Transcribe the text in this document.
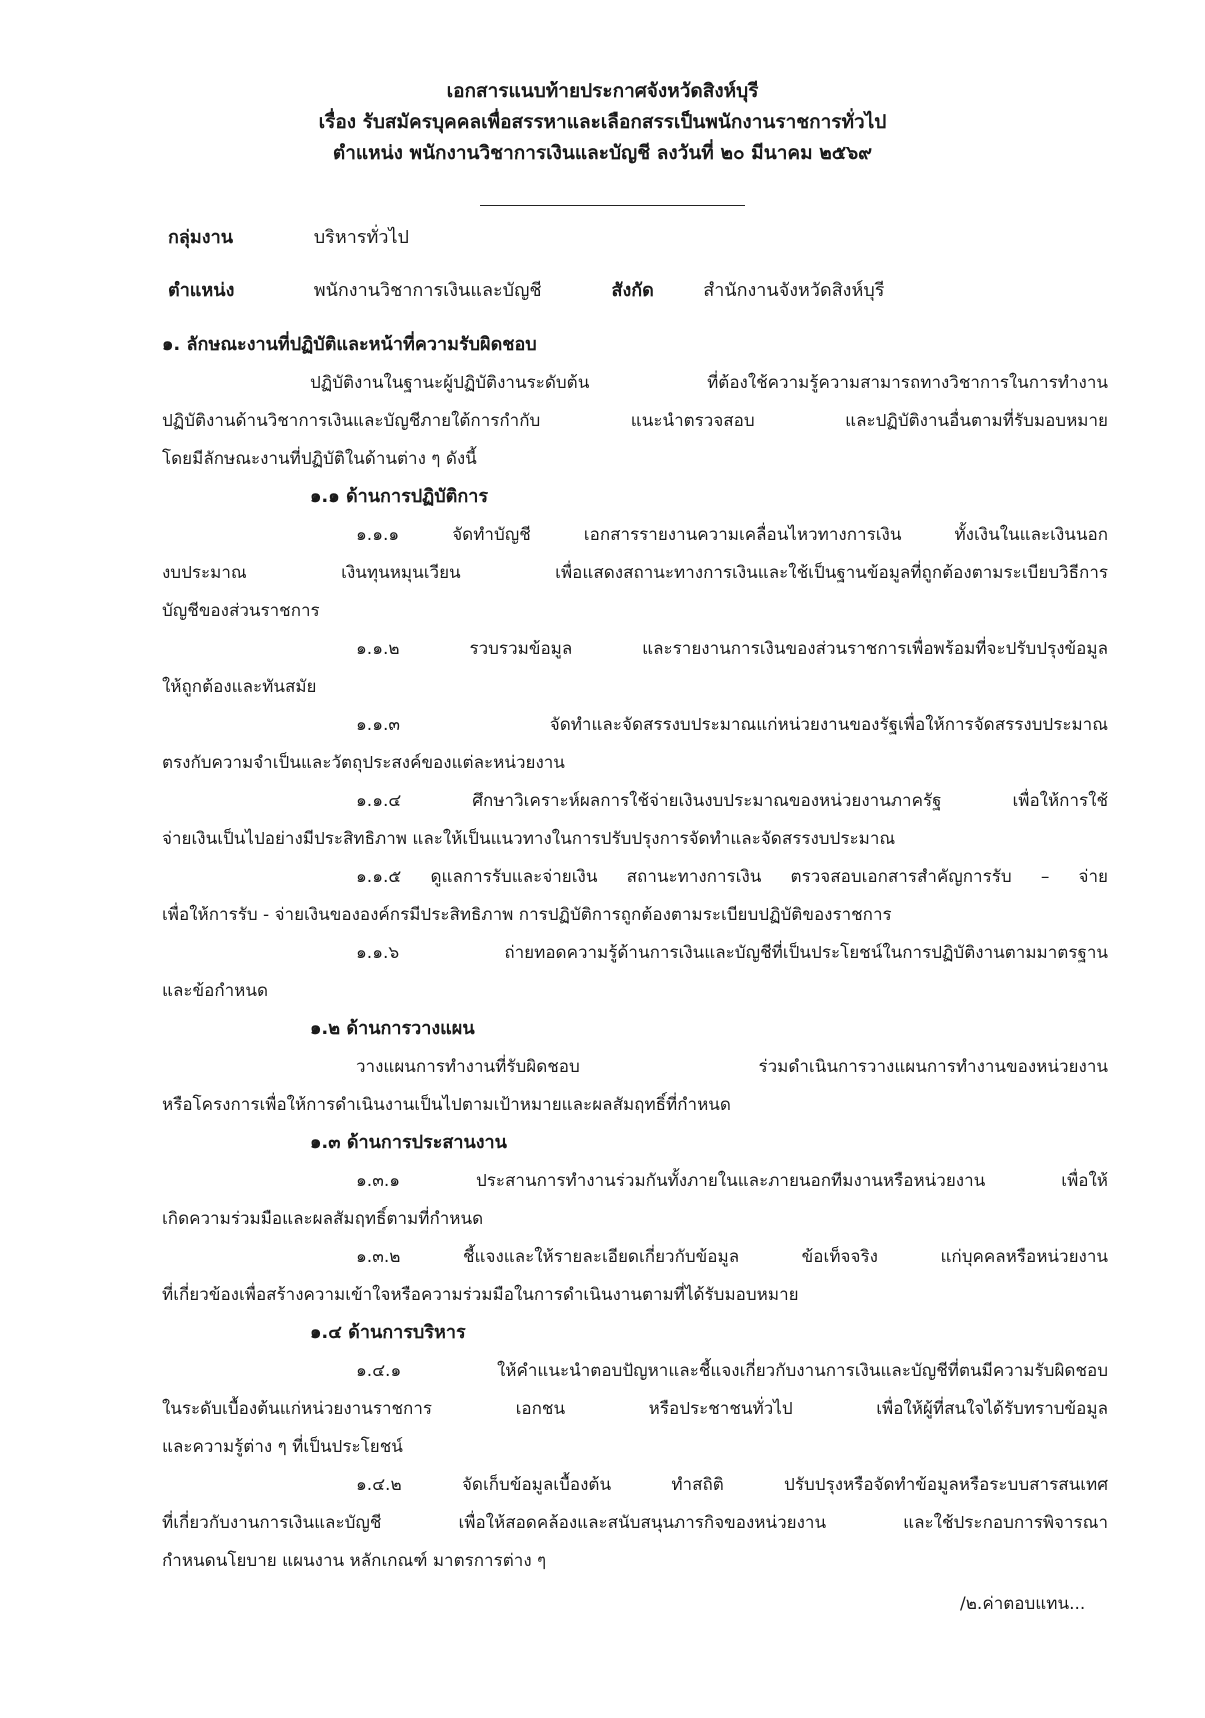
เอกสารแนบท้ายประกาศจังหวัดสิงห์บุรี
เรื่อง รับสมัครบุคคลเพื่อสรรหาและเลือกสรรเป็นพนักงานราชการทั่วไป
ตำแหน่ง พนักงานวิชาการเงินและบัญชี ลงวันที่ ๒๐ มีนาคม ๒๕๖๙
กลุ่มงาน	บริหารทั่วไป
ตำแหน่ง	พนักงานวิชาการเงินและบัญชี	สังกัด	สำนักงานจังหวัดสิงห์บุรี
๑. ลักษณะงานที่ปฏิบัติและหน้าที่ความรับผิดชอบ
ปฏิบัติงานในฐานะผู้ปฏิบัติงานระดับต้น ที่ต้องใช้ความรู้ความสามารถทางวิชาการในการทำงาน
ปฏิบัติงานด้านวิชาการเงินและบัญชีภายใต้การกำกับ แนะนำตรวจสอบ และปฏิบัติงานอื่นตามที่รับมอบหมาย
โดยมีลักษณะงานที่ปฏิบัติในด้านต่าง ๆ ดังนี้
๑.๑ ด้านการปฏิบัติการ
๑.๑.๑ จัดทำบัญชี เอกสารรายงานความเคลื่อนไหวทางการเงิน ทั้งเงินในและเงินนอก
งบประมาณ เงินทุนหมุนเวียน เพื่อแสดงสถานะทางการเงินและใช้เป็นฐานข้อมูลที่ถูกต้องตามระเบียบวิธีการ
บัญชีของส่วนราชการ
๑.๑.๒ รวบรวมข้อมูล และรายงานการเงินของส่วนราชการเพื่อพร้อมที่จะปรับปรุงข้อมูล
ให้ถูกต้องและทันสมัย
๑.๑.๓ จัดทำและจัดสรรงบประมาณแก่หน่วยงานของรัฐเพื่อให้การจัดสรรงบประมาณ
ตรงกับความจำเป็นและวัตถุประสงค์ของแต่ละหน่วยงาน
๑.๑.๔ ศึกษาวิเคราะห์ผลการใช้จ่ายเงินงบประมาณของหน่วยงานภาครัฐ เพื่อให้การใช้
จ่ายเงินเป็นไปอย่างมีประสิทธิภาพ และให้เป็นแนวทางในการปรับปรุงการจัดทำและจัดสรรงบประมาณ
๑.๑.๕ ดูแลการรับและจ่ายเงิน สถานะทางการเงิน ตรวจสอบเอกสารสำคัญการรับ – จ่าย
เพื่อให้การรับ - จ่ายเงินขององค์กรมีประสิทธิภาพ การปฏิบัติการถูกต้องตามระเบียบปฏิบัติของราชการ
๑.๑.๖ ถ่ายทอดความรู้ด้านการเงินและบัญชีที่เป็นประโยชน์ในการปฏิบัติงานตามมาตรฐาน
และข้อกำหนด
๑.๒ ด้านการวางแผน
วางแผนการทำงานที่รับผิดชอบ ร่วมดำเนินการวางแผนการทำงานของหน่วยงาน
หรือโครงการเพื่อให้การดำเนินงานเป็นไปตามเป้าหมายและผลสัมฤทธิ์ที่กำหนด
๑.๓ ด้านการประสานงาน
๑.๓.๑ ประสานการทำงานร่วมกันทั้งภายในและภายนอกทีมงานหรือหน่วยงาน เพื่อให้
เกิดความร่วมมือและผลสัมฤทธิ์ตามที่กำหนด
๑.๓.๒ ชี้แจงและให้รายละเอียดเกี่ยวกับข้อมูล ข้อเท็จจริง แก่บุคคลหรือหน่วยงาน
ที่เกี่ยวข้องเพื่อสร้างความเข้าใจหรือความร่วมมือในการดำเนินงานตามที่ได้รับมอบหมาย
๑.๔ ด้านการบริหาร
๑.๔.๑ ให้คำแนะนำตอบปัญหาและชี้แจงเกี่ยวกับงานการเงินและบัญชีที่ตนมีความรับผิดชอบ
ในระดับเบื้องต้นแก่หน่วยงานราชการ เอกชน หรือประชาชนทั่วไป เพื่อให้ผู้ที่สนใจได้รับทราบข้อมูล
และความรู้ต่าง ๆ ที่เป็นประโยชน์
๑.๔.๒ จัดเก็บข้อมูลเบื้องต้น ทำสถิติ ปรับปรุงหรือจัดทำข้อมูลหรือระบบสารสนเทศ
ที่เกี่ยวกับงานการเงินและบัญชี เพื่อให้สอดคล้องและสนับสนุนภารกิจของหน่วยงาน และใช้ประกอบการพิจารณา
กำหนดนโยบาย แผนงาน หลักเกณฑ์ มาตรการต่าง ๆ
/๒.ค่าตอบแทน...
